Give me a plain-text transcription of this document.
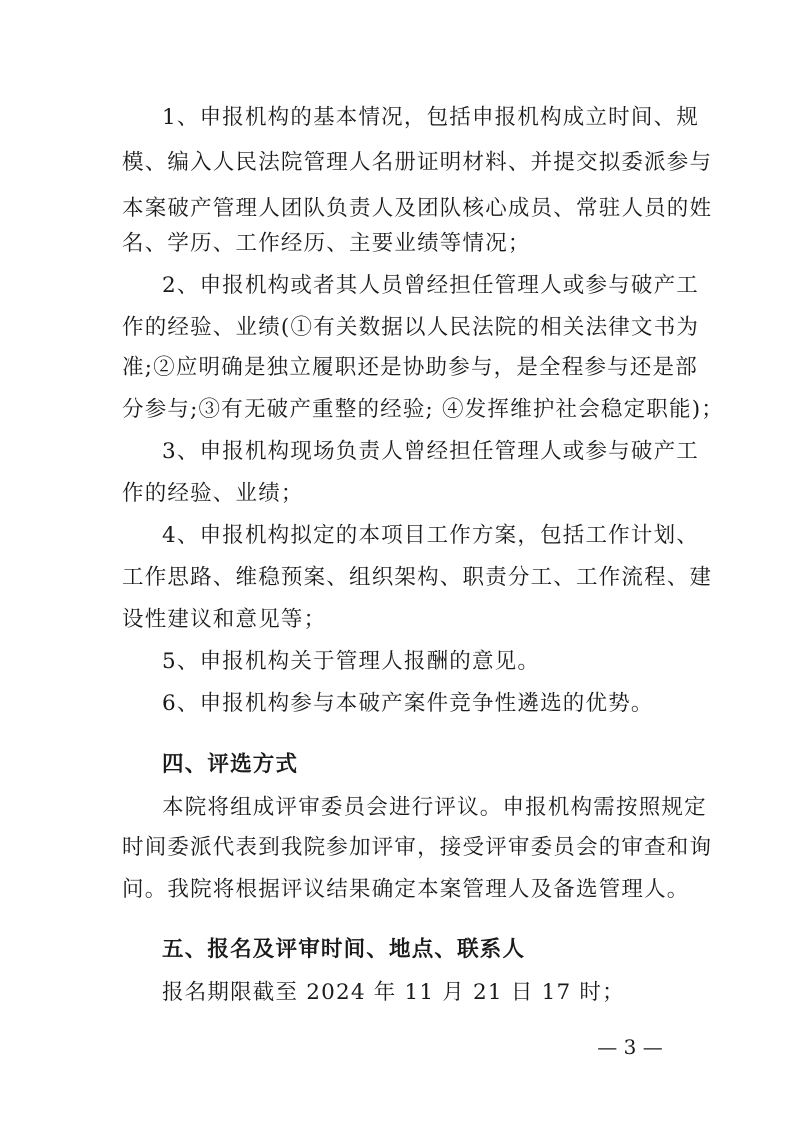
1、申报机构的基本情况，包括申报机构成立时间、规
模、编入人民法院管理人名册证明材料、并提交拟委派参与
本案破产管理人团队负责人及团队核心成员、常驻人员的姓
名、学历、工作经历、主要业绩等情况；
2、申报机构或者其人员曾经担任管理人或参与破产工
作的经验、业绩(①有关数据以人民法院的相关法律文书为
准;②应明确是独立履职还是协助参与，是全程参与还是部
分参与;③有无破产重整的经验; ④发挥维护社会稳定职能)；
3、申报机构现场负责人曾经担任管理人或参与破产工
作的经验、业绩；
4、申报机构拟定的本项目工作方案，包括工作计划、
工作思路、维稳预案、组织架构、职责分工、工作流程、建
设性建议和意见等；
5、申报机构关于管理人报酬的意见。
6、申报机构参与本破产案件竞争性遴选的优势。
四、评选方式
本院将组成评审委员会进行评议。申报机构需按照规定
时间委派代表到我院参加评审，接受评审委员会的审查和询
问。我院将根据评议结果确定本案管理人及备选管理人。
五、报名及评审时间、地点、联系人
报名期限截至 2024 年 11 月 21 日 17 时；
— 3 —
